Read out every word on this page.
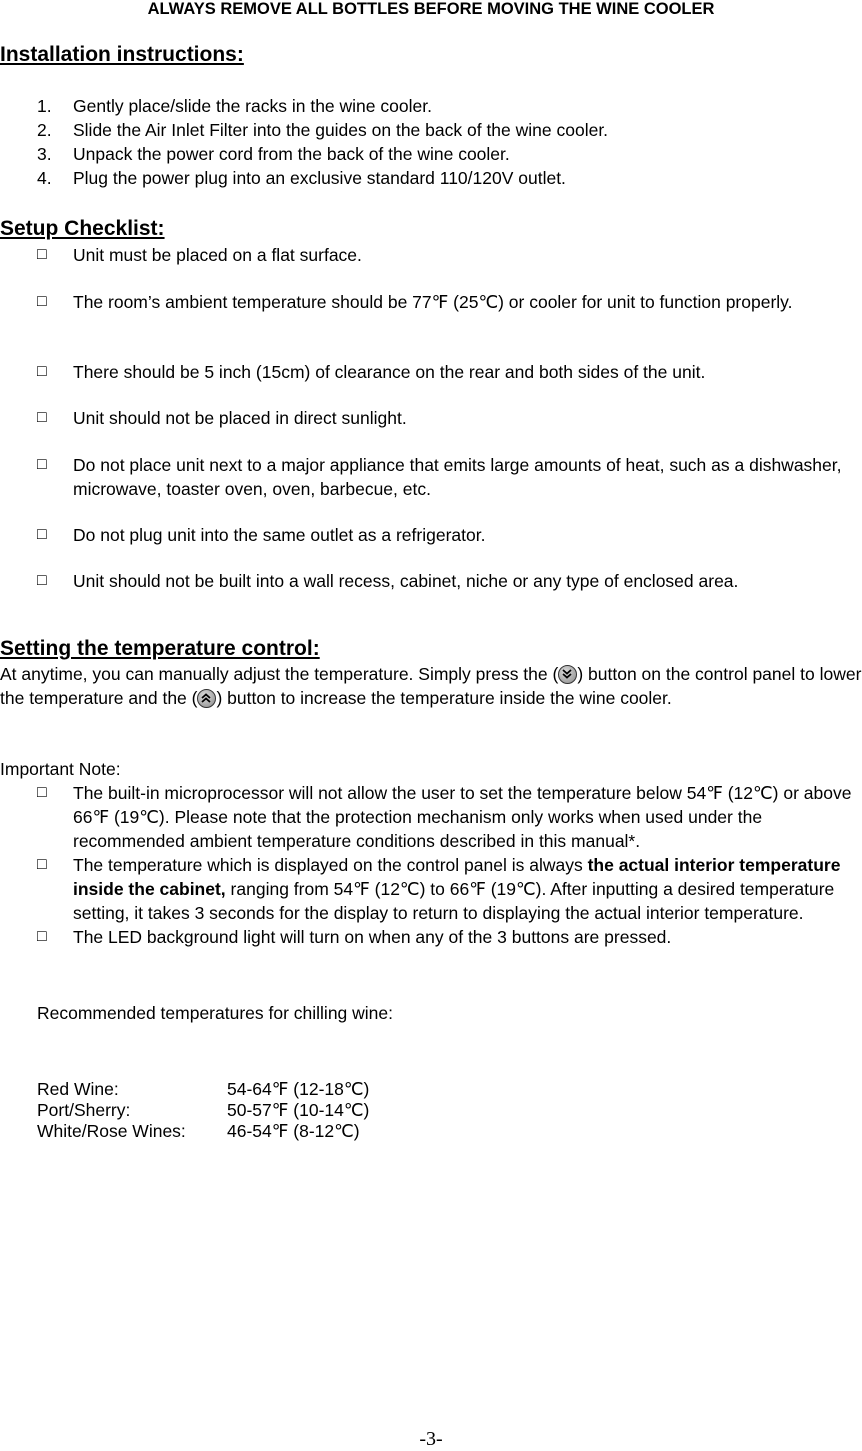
ALWAYS REMOVE ALL BOTTLES BEFORE MOVING THE WINE COOLER
Installation instructions:
1.	Gently place/slide the racks in the wine cooler.
2.	Slide the Air Inlet Filter into the guides on the back of the wine cooler.
3.	Unpack the power cord from the back of the wine cooler.
4.	Plug the power plug into an exclusive standard 110/120V outlet.
Setup Checklist:
□	Unit must be placed on a flat surface.
□	The room’s ambient temperature should be 77℉ (25℃) or cooler for unit to function properly.
□	There should be 5 inch (15cm) of clearance on the rear and both sides of the unit.
□	Unit should not be placed in direct sunlight.
□	Do not place unit next to a major appliance that emits large amounts of heat, such as a dishwasher, microwave, toaster oven, oven, barbecue, etc.
□	Do not plug unit into the same outlet as a refrigerator.
□	Unit should not be built into a wall recess, cabinet, niche or any type of enclosed area.
Setting the temperature control:
At anytime, you can manually adjust the temperature. Simply press the ( ) button on the control panel to lower the temperature and the ( ) button to increase the temperature inside the wine cooler.
Important Note:
□	The built-in microprocessor will not allow the user to set the temperature below 54℉ (12℃) or above 66℉ (19℃). Please note that the protection mechanism only works when used under the recommended ambient temperature conditions described in this manual*.
□	The temperature which is displayed on the control panel is always the actual interior temperature inside the cabinet, ranging from 54℉ (12℃) to 66℉ (19℃). After inputting a desired temperature setting, it takes 3 seconds for the display to return to displaying the actual interior temperature.
□	The LED background light will turn on when any of the 3 buttons are pressed.
Recommended temperatures for chilling wine:
Red Wine:	54-64℉ (12-18℃)
Port/Sherry:	50-57℉ (10-14℃)
White/Rose Wines:	46-54℉ (8-12℃)
-3-
